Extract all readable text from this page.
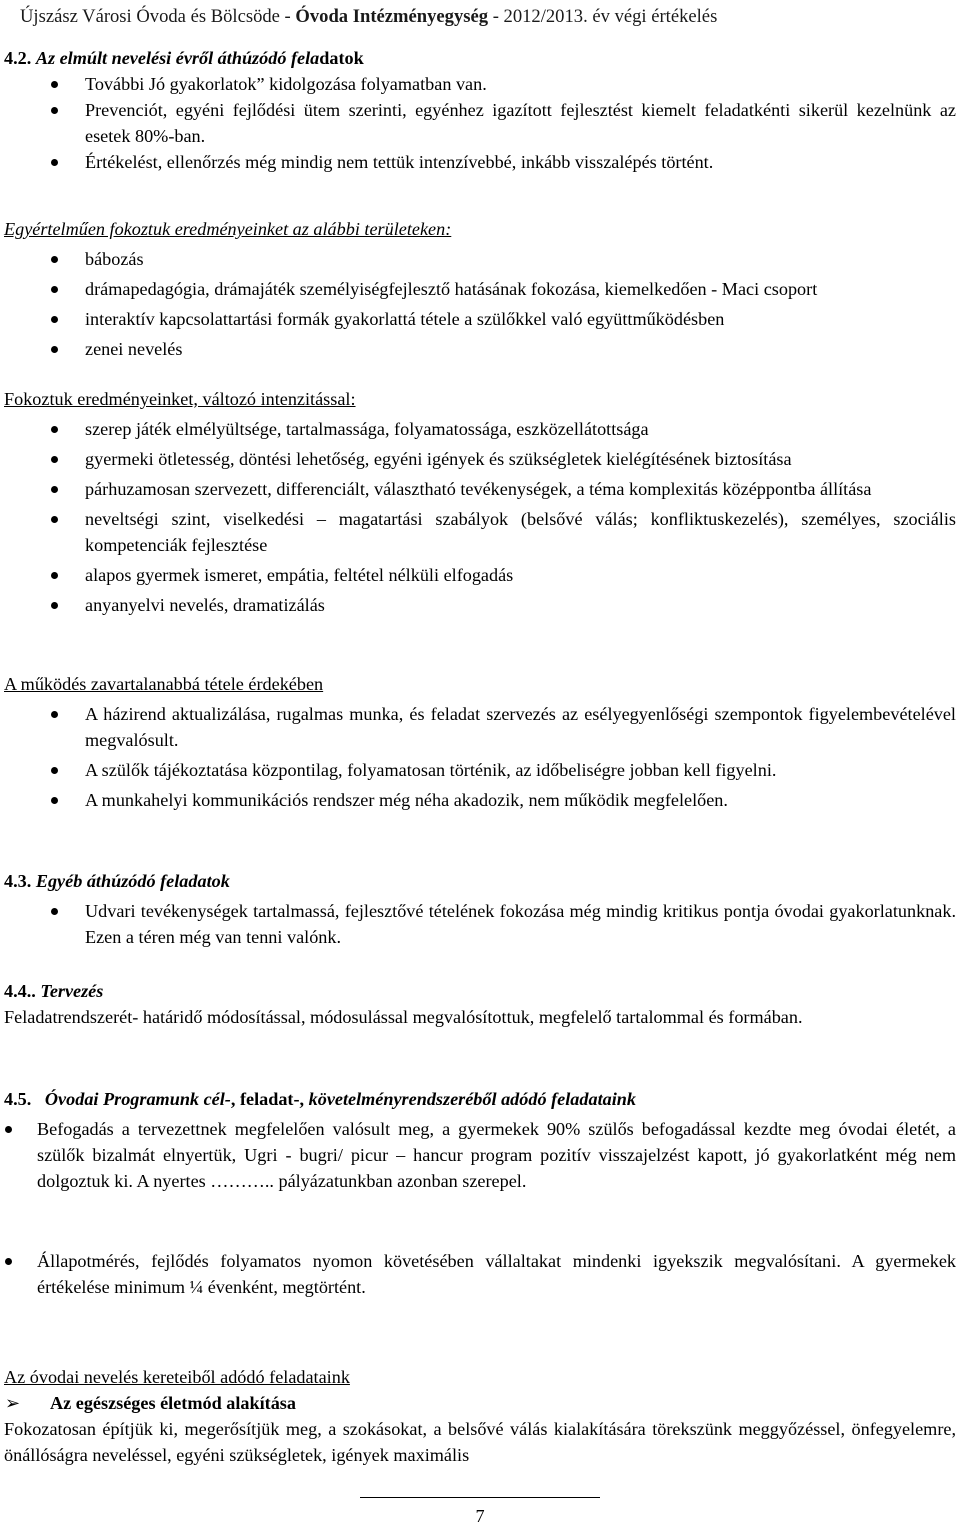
Újszász Városi Óvoda és Bölcsöde - Óvoda Intézményegység - 2012/2013. év végi értékelés
4.2. Az elmúlt nevelési évről áthúzódó feladatok
További Jó gyakorlatok” kidolgozása folyamatban van.
Prevenciót, egyéni fejlődési ütem szerinti, egyénhez igazított fejlesztést kiemelt feladatkénti sikerül kezelnünk az esetek 80%-ban.
Értékelést, ellenőrzés még mindig nem tettük intenzívebbé, inkább visszalépés történt.
Egyértelműen fokoztuk eredményeinket az alábbi területeken:
bábozás
drámapedagógia, drámajáték személyiségfejlesztő hatásának fokozása, kiemelkedően - Maci csoport
interaktív kapcsolattartási formák gyakorlattá tétele a szülőkkel való együttműködésben
zenei nevelés
Fokoztuk eredményeinket, változó intenzitással:
szerep játék elmélyültsége, tartalmassága, folyamatossága, eszközellátottsága
gyermeki ötletesség, döntési lehetőség, egyéni igények és szükségletek kielégítésének biztosítása
párhuzamosan szervezett, differenciált, választható tevékenységek, a téma komplexitás középpontba állítása
neveltségi szint, viselkedési – magatartási szabályok (belsővé válás; konfliktuskezelés), személyes, szociális kompetenciák fejlesztése
alapos gyermek ismeret, empátia, feltétel nélküli elfogadás
anyanyelvi nevelés, dramatizálás
A működés zavartalanabbá tétele érdekében
A házirend aktualizálása, rugalmas munka, és feladat szervezés az esélyegyenlőségi szempontok figyelembevételével megvalósult.
A szülők tájékoztatása központilag, folyamatosan történik, az időbeliségre jobban kell figyelni.
A munkahelyi kommunikációs rendszer még néha akadozik, nem működik megfelelően.
4.3. Egyéb áthúzódó feladatok
Udvari tevékenységek tartalmassá, fejlesztővé tételének fokozása még mindig kritikus pontja óvodai gyakorlatunknak. Ezen a téren még van tenni valónk.
4.4.. Tervezés
Feladatrendszerét- határidő módosítással, módosulással megvalósítottuk, megfelelő tartalommal és formában.
4.5. Óvodai Programunk cél-, feladat-, követelményrendszeréből adódó feladataink
Befogadás a tervezettnek megfelelően valósult meg, a gyermekek 90% szülős befogadással kezdte meg óvodai életét, a szülők bizalmát elnyertük, Ugri - bugri/ picur – hancur program pozitív visszajelzést kapott, jó gyakorlatként még nem dolgoztuk ki. A nyertes ……….. pályázatunkban azonban szerepel.
Állapotmérés, fejlődés folyamatos nyomon követésében vállaltakat mindenki igyekszik megvalósítani. A gyermekek értékelése minimum ¼ évenként, megtörtént.
Az óvodai nevelés kereteiből adódó feladataink
➢ Az egészséges életmód alakítása
Fokozatosan építjük ki, megerősítjük meg, a szokásokat, a belsővé válás kialakítására törekszünk meggyőzéssel, önfegyelemre, önállóságra neveléssel, egyéni szükségletek, igények maximális
7
